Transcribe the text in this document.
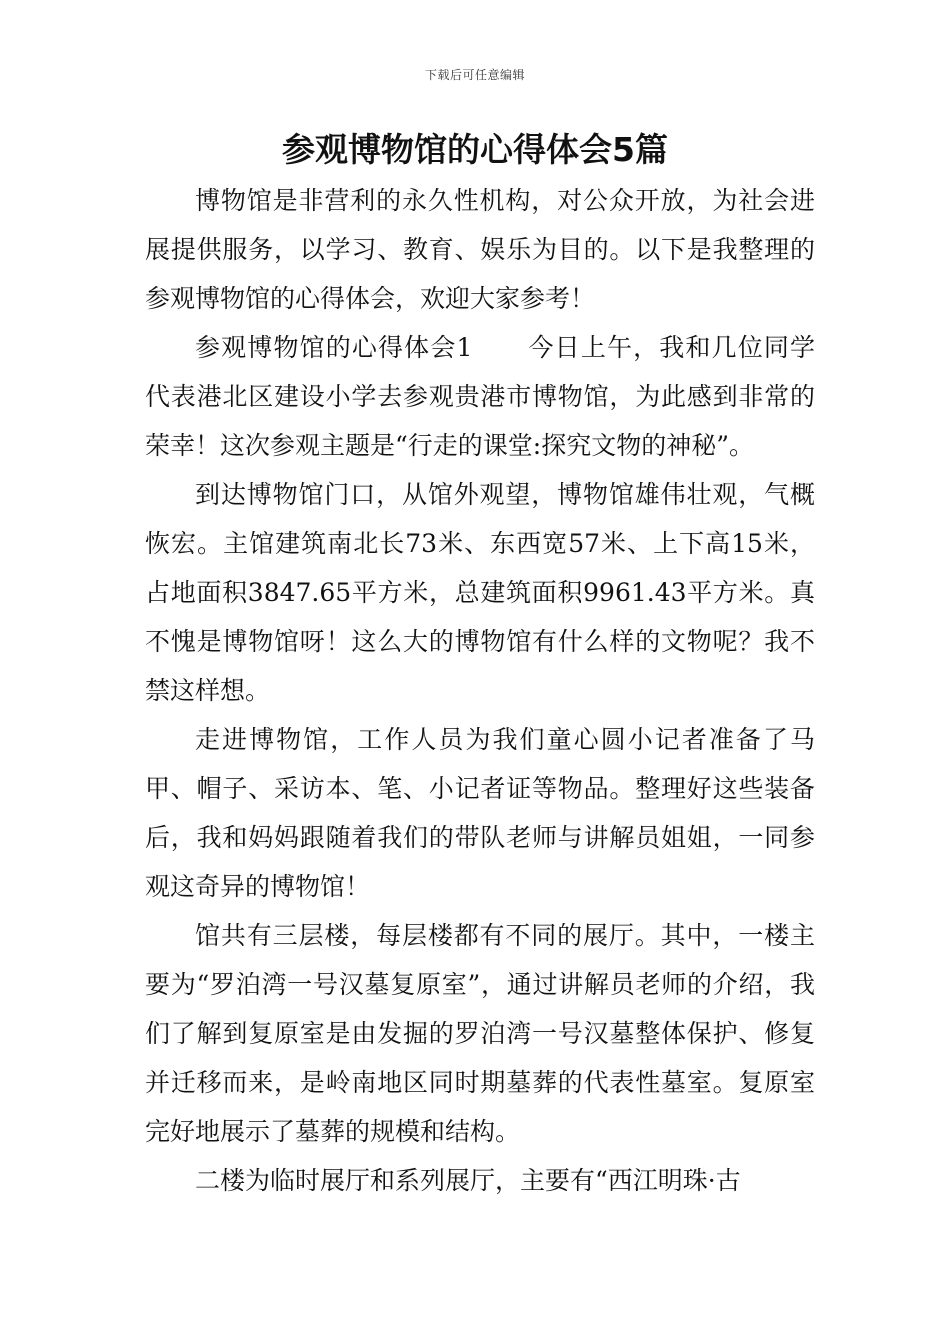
下载后可任意编辑
参观博物馆的心得体会5篇

博物馆是非营利的永久性机构，对公众开放，为社会进展提供服务，以学习、教育、娱乐为目的。以下是我整理的参观博物馆的心得体会，欢迎大家参考！

参观博物馆的心得体会1 今日上午，我和几位同学代表港北区建设小学去参观贵港市博物馆，为此感到非常的荣幸！这次参观主题是“行走的课堂:探究文物的神秘”。

到达博物馆门口，从馆外观望，博物馆雄伟壮观，气概恢宏。主馆建筑南北长73米、东西宽57米、上下高15米，占地面积3847.65平方米，总建筑面积9961.43平方米。真不愧是博物馆呀！这么大的博物馆有什么样的文物呢？我不禁这样想。

走进博物馆，工作人员为我们童心圆小记者准备了马甲、帽子、采访本、笔、小记者证等物品。整理好这些装备后，我和妈妈跟随着我们的带队老师与讲解员姐姐，一同参观这奇异的博物馆！

馆共有三层楼，每层楼都有不同的展厅。其中，一楼主要为“罗泊湾一号汉墓复原室”，通过讲解员老师的介绍，我们了解到复原室是由发掘的罗泊湾一号汉墓整体保护、修复并迁移而来，是岭南地区同时期墓葬的代表性墓室。复原室完好地展示了墓葬的规模和结构。

二楼为临时展厅和系列展厅，主要有“西江明珠·古
